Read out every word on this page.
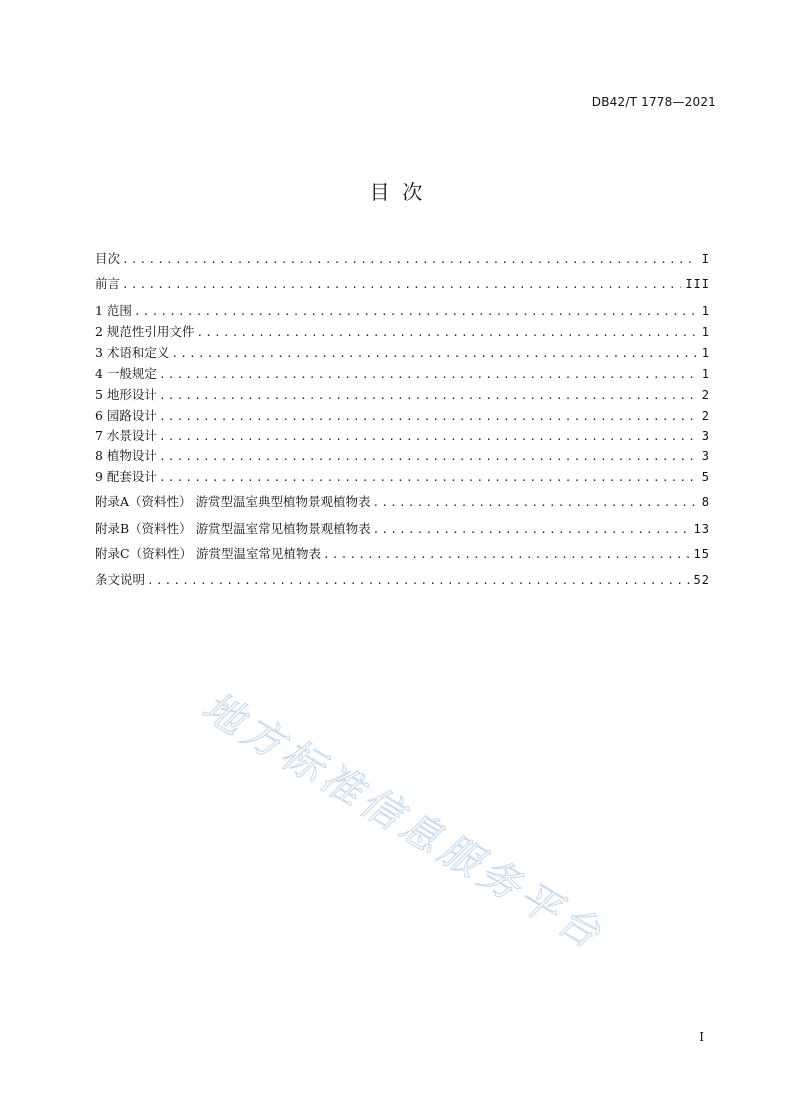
DB42/T 1778—2021
目  次
目次 .....	I
前言 .....	III
1 范围 .....	1
2 规范性引用文件 .....	1
3 术语和定义 .....	1
4 一般规定 .....	1
5 地形设计 .....	2
6 园路设计 .....	2
7 水景设计 .....	3
8 植物设计 .....	3
9 配套设计 .....	5
附录A（资料性） 游赏型温室典型植物景观植物表 .....	8
附录B（资料性） 游赏型温室常见植物景观植物表 .....	13
附录C（资料性） 游赏型温室常见植物表 .....	15
条文说明 .....	52
地方标准信息服务平台
I
